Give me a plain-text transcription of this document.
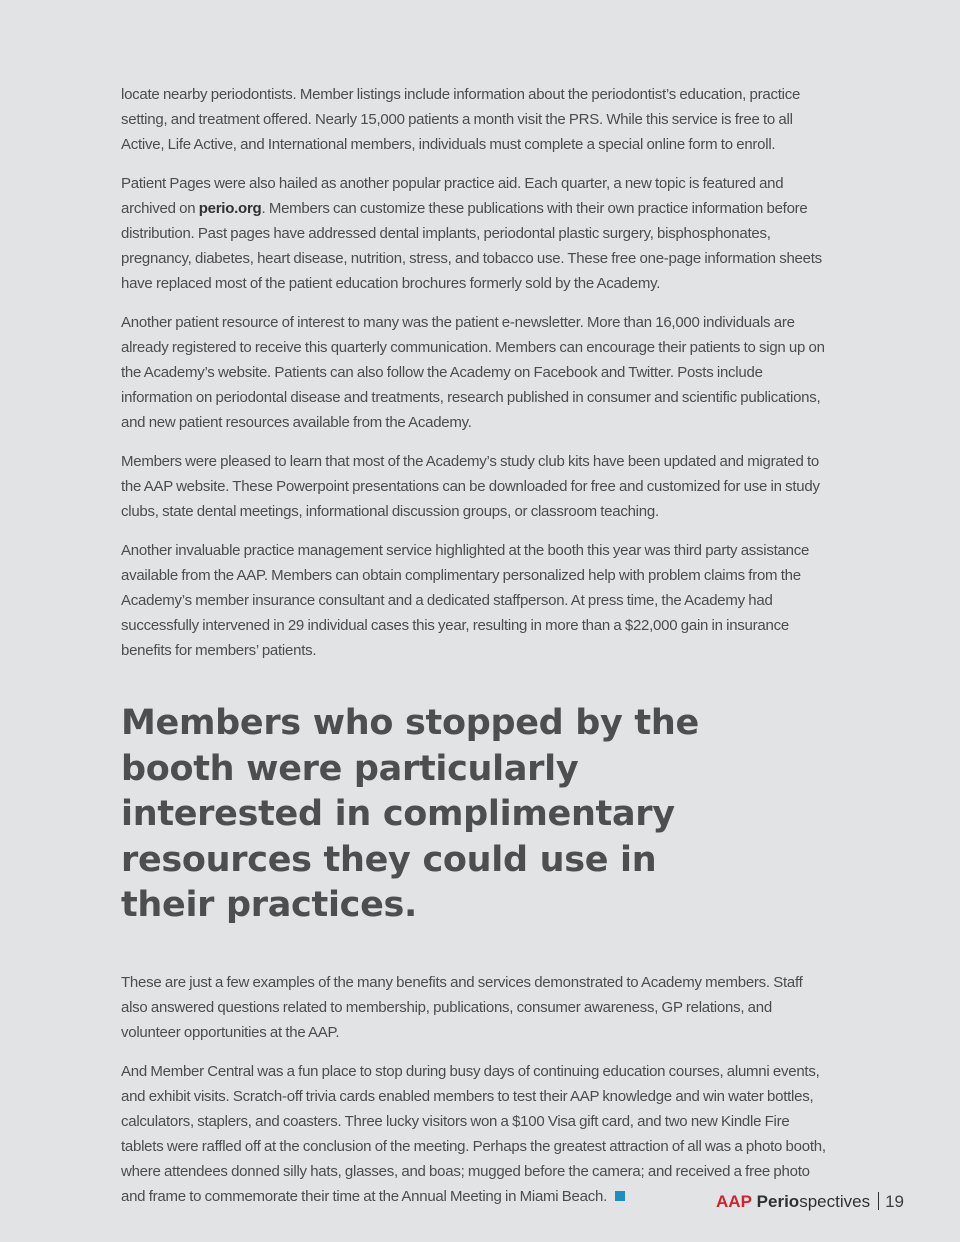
locate nearby periodontists. Member listings include information about the periodontist’s education, practice setting, and treatment offered. Nearly 15,000 patients a month visit the PRS. While this service is free to all Active, Life Active, and International members, individuals must complete a special online form to enroll.

Patient Pages were also hailed as another popular practice aid. Each quarter, a new topic is featured and archived on perio.org. Members can customize these publications with their own practice information before distribution. Past pages have addressed dental implants, periodontal plastic surgery, bisphosphonates, pregnancy, diabetes, heart disease, nutrition, stress, and tobacco use. These free one-page information sheets have replaced most of the patient education brochures formerly sold by the Academy.

Another patient resource of interest to many was the patient e-newsletter. More than 16,000 individuals are already registered to receive this quarterly communication. Members can encourage their patients to sign up on the Academy’s website. Patients can also follow the Academy on Facebook and Twitter. Posts include information on periodontal disease and treatments, research published in consumer and scientific publications, and new patient resources available from the Academy.

Members were pleased to learn that most of the Academy’s study club kits have been updated and migrated to the AAP website. These Powerpoint presentations can be downloaded for free and customized for use in study clubs, state dental meetings, informational discussion groups, or classroom teaching.

Another invaluable practice management service highlighted at the booth this year was third party assistance available from the AAP. Members can obtain complimentary personalized help with problem claims from the Academy’s member insurance consultant and a dedicated staffperson. At press time, the Academy had successfully intervened in 29 individual cases this year, resulting in more than a $22,000 gain in insurance benefits for members’ patients.

Members who stopped by the booth were particularly interested in complimentary resources they could use in their practices.

These are just a few examples of the many benefits and services demonstrated to Academy members. Staff also answered questions related to membership, publications, consumer awareness, GP relations, and volunteer opportunities at the AAP.

And Member Central was a fun place to stop during busy days of continuing education courses, alumni events, and exhibit visits. Scratch-off trivia cards enabled members to test their AAP knowledge and win water bottles, calculators, staplers, and coasters. Three lucky visitors won a $100 Visa gift card, and two new Kindle Fire tablets were raffled off at the conclusion of the meeting. Perhaps the greatest attraction of all was a photo booth, where attendees donned silly hats, glasses, and boas; mugged before the camera; and received a free photo and frame to commemorate their time at the Annual Meeting in Miami Beach.	AAP Periospectives 19
